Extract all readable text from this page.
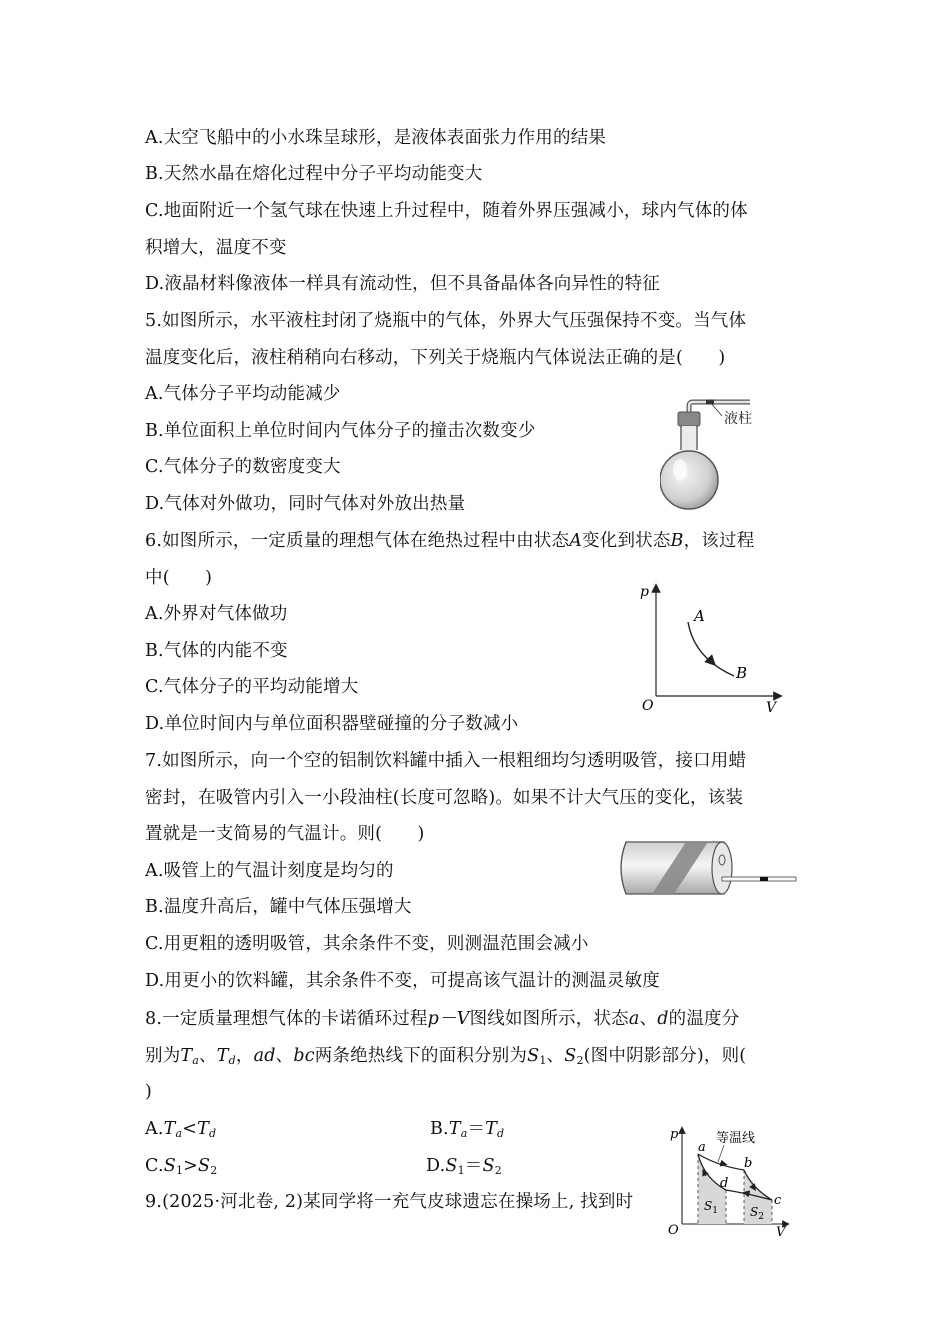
A.太空飞船中的小水珠呈球形，是液体表面张力作用的结果
B.天然水晶在熔化过程中分子平均动能变大
C.地面附近一个氢气球在快速上升过程中，随着外界压强减小，球内气体的体
积增大，温度不变
D.液晶材料像液体一样具有流动性，但不具备晶体各向异性的特征
5.如图所示，水平液柱封闭了烧瓶中的气体，外界大气压强保持不变。当气体
温度变化后，液柱稍稍向右移动，下列关于烧瓶内气体说法正确的是(　　)
A.气体分子平均动能减少
B.单位面积上单位时间内气体分子的撞击次数变少
C.气体分子的数密度变大
D.气体对外做功，同时气体对外放出热量
液柱
6.如图所示，一定质量的理想气体在绝热过程中由状态A变化到状态B，该过程
中(　　)
A.外界对气体做功
B.气体的内能不变
C.气体分子的平均动能增大
D.单位时间内与单位面积器壁碰撞的分子数减小
p
V
O
A
B
7.如图所示，向一个空的铝制饮料罐中插入一根粗细均匀透明吸管，接口用蜡
密封，在吸管内引入一小段油柱(长度可忽略)。如果不计大气压的变化，该装
置就是一支简易的气温计。则(　　)
A.吸管上的气温计刻度是均匀的
B.温度升高后，罐中气体压强增大
C.用更粗的透明吸管，其余条件不变，则测温范围会减小
D.用更小的饮料罐，其余条件不变，可提高该气温计的测温灵敏度
8.一定质量理想气体的卡诺循环过程p－V图线如图所示，状态a、d的温度分
别为$T_a$、$T_d$，ad、bc两条绝热线下的面积分别为$S_1$、$S_2$(图中阴影部分)，则(
)
$A.T_a<T_d$	$B.T_a=T_d$
$C.S_1>S_2$	$D.S_1=S_2$
p
V
O
等温线
a
b
c
d
$S_1$	$S_2$
9.(2025·河北卷, 2)某同学将一充气皮球遗忘在操场上, 找到时
